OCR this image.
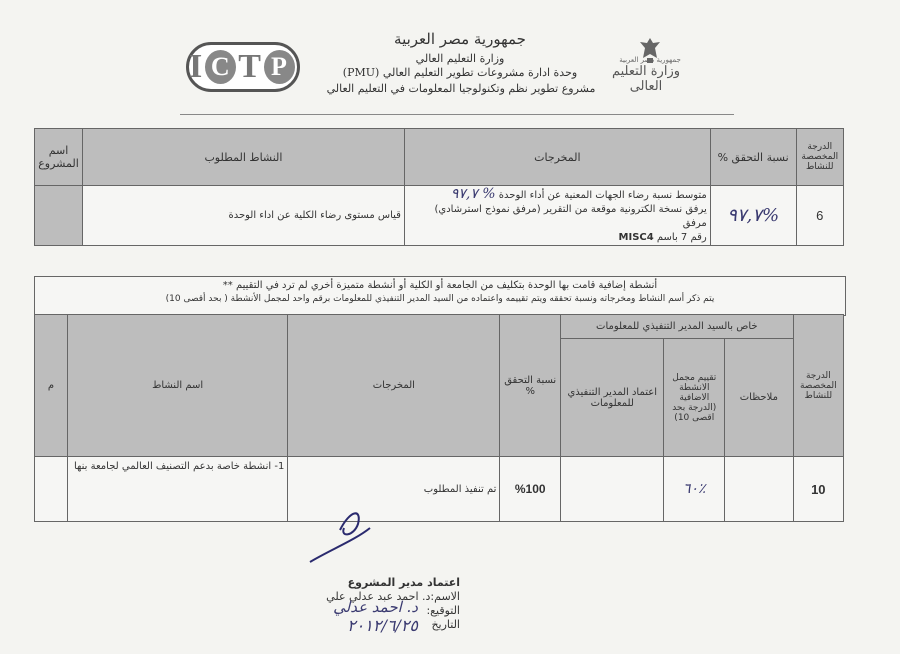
جمهورية مصر العربية
وزارة التعليم العالي
وحدة ادارة مشروعات تطوير التعليم العالي (PMU)
مشروع تطوير نظم وتكنولوجيا المعلومات في التعليم العالي
I C T P	جمهورية مصر العربية
وزارة التعليم العالى
اسم المشروع	النشاط المطلوب	المخرجات	نسبة التحقق %	الدرجة المخصصة للنشاط
	قياس مستوى رضاء الكلية عن اداء الوحدة	متوسط نسبة رضاء الجهات المعنية عن أداء الوحدة % ٩٧,٧
يرفق نسخة الكترونية موقعة من التقرير (مرفق نموذج استرشادي) مرفق
رقم 7 باسم MISC4	%٩٧,٧	6
أنشطة إضافية قامت بها الوحدة بتكليف من الجامعة أو الكلية أو أنشطة متميزة أخري لم ترد في التقييم **
يتم ذكر أسم النشاط ومخرجاته ونسبة تحققه ويتم تقييمه واعتماده من السيد المدير التنفيذي للمعلومات برقم واحد لمجمل الأنشطة ( بحد أقصى 10)
م	اسم النشاط	المخرجات	نسبة التحقق %	خاص بالسيد المدير التنفيذي للمعلومات			الدرجة المخصصة للنشاط
				اعتماد المدير التنفيذي للمعلومات	تقييم مجمل الانشطة الاضافية (الدرجة بحد اقصى 10)	ملاحظات	
	1- انشطة خاصة بدعم التصنيف العالمي لجامعة بنها	تم تنفيذ المطلوب	%100		٪٦٠		10
اعتماد مدير المشروع
الاسم:د. احمد عبد عدلي علي
التوقيع:
د. احمد عدلي
التاريخ
٢٠١٢/٦/٢٥
